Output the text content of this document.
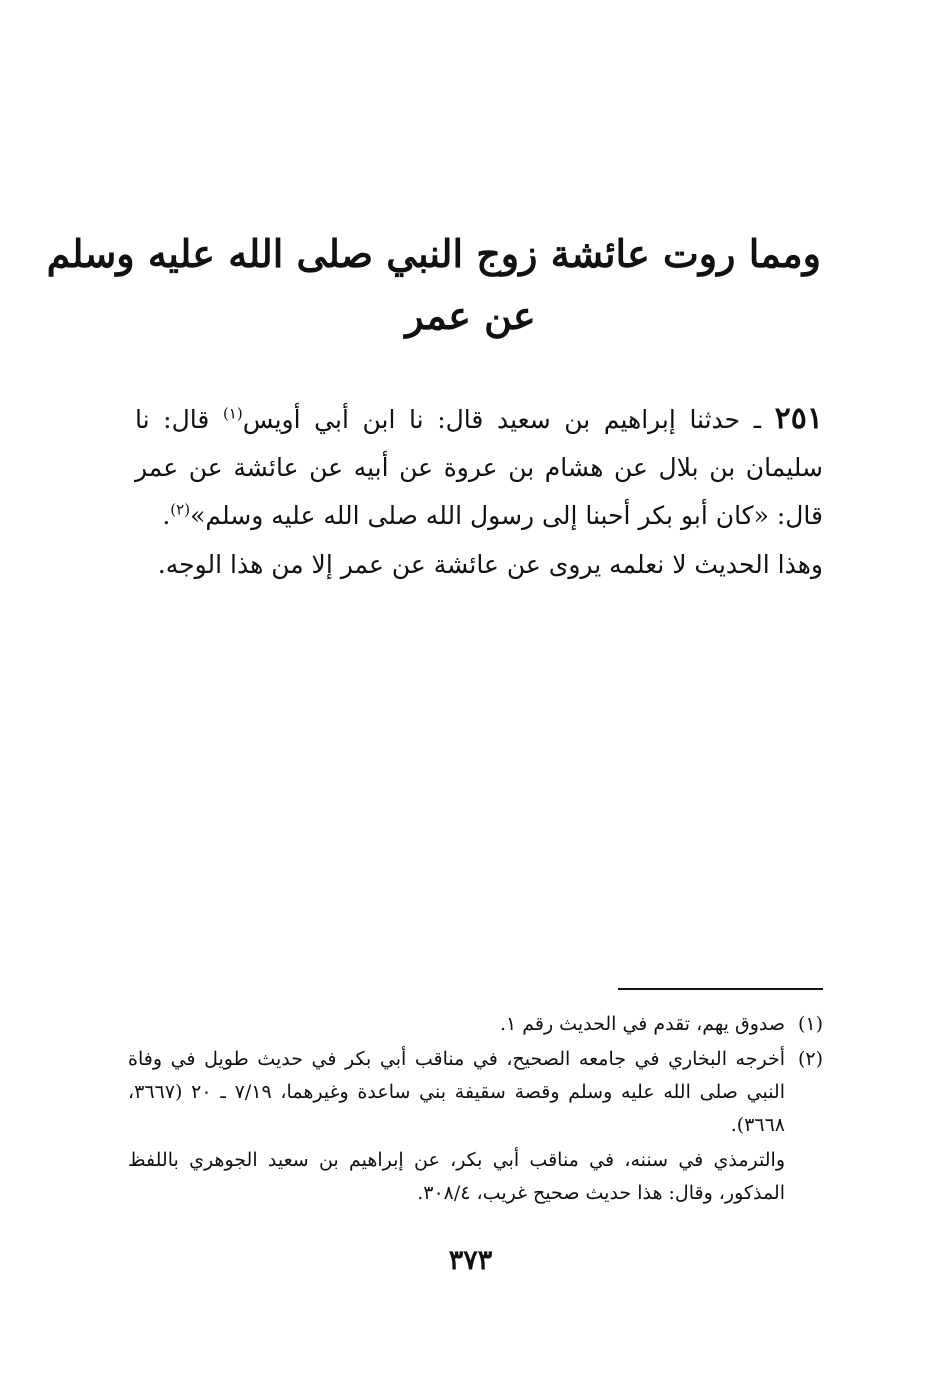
ومما روت عائشة زوج النبي صلى الله عليه وسلم
عن عمر
٢٥١ ـ حدثنا إبراهيم بن سعيد قال: نا ابن أبي أويس$^{(١)}$ قال: نا سليمان بن بلال عن هشام بن عروة عن أبيه عن عائشة عن عمر قال: «كان أبو بكر أحبنا إلى رسول الله صلى الله عليه وسلم»$^{(٢)}$.
وهذا الحديث لا نعلمه يروى عن عائشة عن عمر إلا من هذا الوجه.
(١)
صدوق يهم، تقدم في الحديث رقم ١.
(٢)
أخرجه البخاري في جامعه الصحيح، في مناقب أبي بكر في حديث طويل في وفاة النبي صلى الله عليه وسلم وقصة سقيفة بني ساعدة وغيرهما، ٧/١٩ ـ ٢٠ (٣٦٦٧، ٣٦٦٨).
والترمذي في سننه، في مناقب أبي بكر، عن إبراهيم بن سعيد الجوهري باللفظ المذكور، وقال: هذا حديث صحيح غريب، ٣٠٨/٤.
٣٧٣
